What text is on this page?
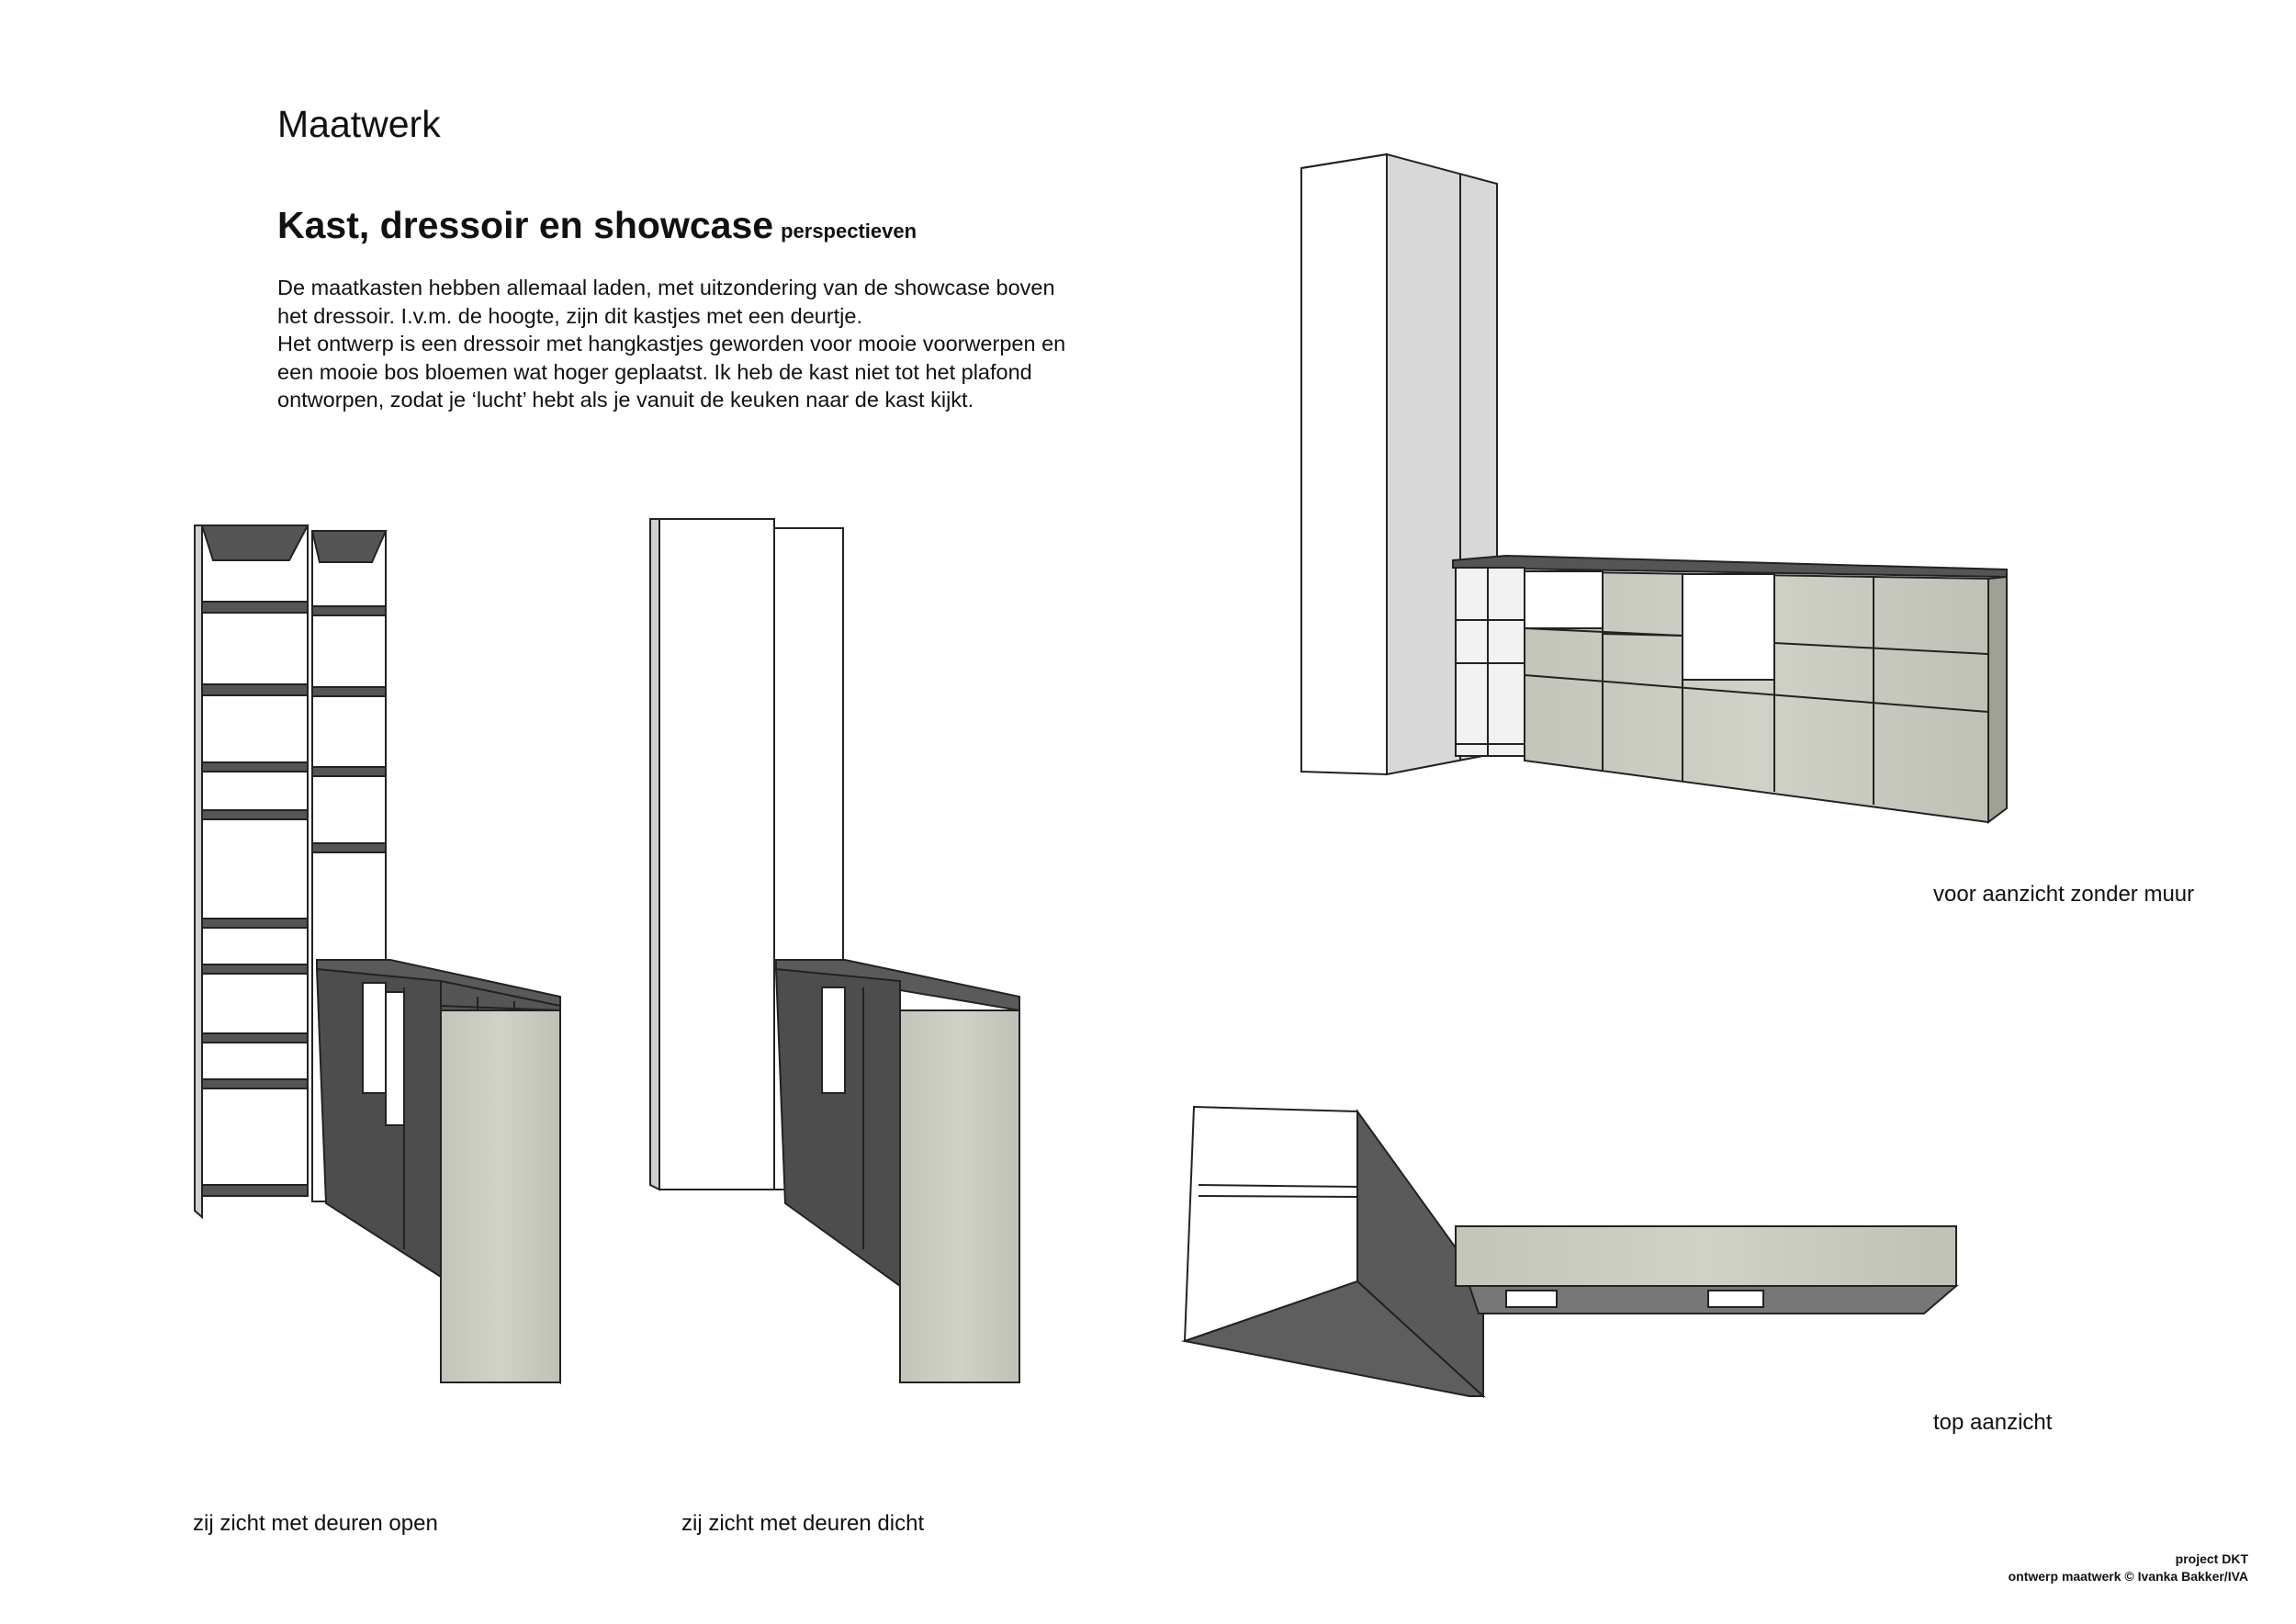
Maatwerk
Kast, dressoir en showcase perspectieven

De maatkasten hebben allemaal laden, met uitzondering van de showcase boven

het dressoir. I.v.m. de hoogte, zijn dit kastjes met een deurtje.

Het ontwerp is een dressoir met hangkastjes geworden voor mooie voorwerpen en

een mooie bos bloemen wat hoger geplaatst. Ik heb de kast niet tot het plafond

ontworpen, zodat je ‘lucht’ hebt als je vanuit de keuken naar de kast kijkt.

voor aanzicht zonder muur
top aanzicht
zij zicht met deuren open	zij zicht met deuren dicht
project DKT
ontwerp maatwerk © Ivanka Bakker/IVA
